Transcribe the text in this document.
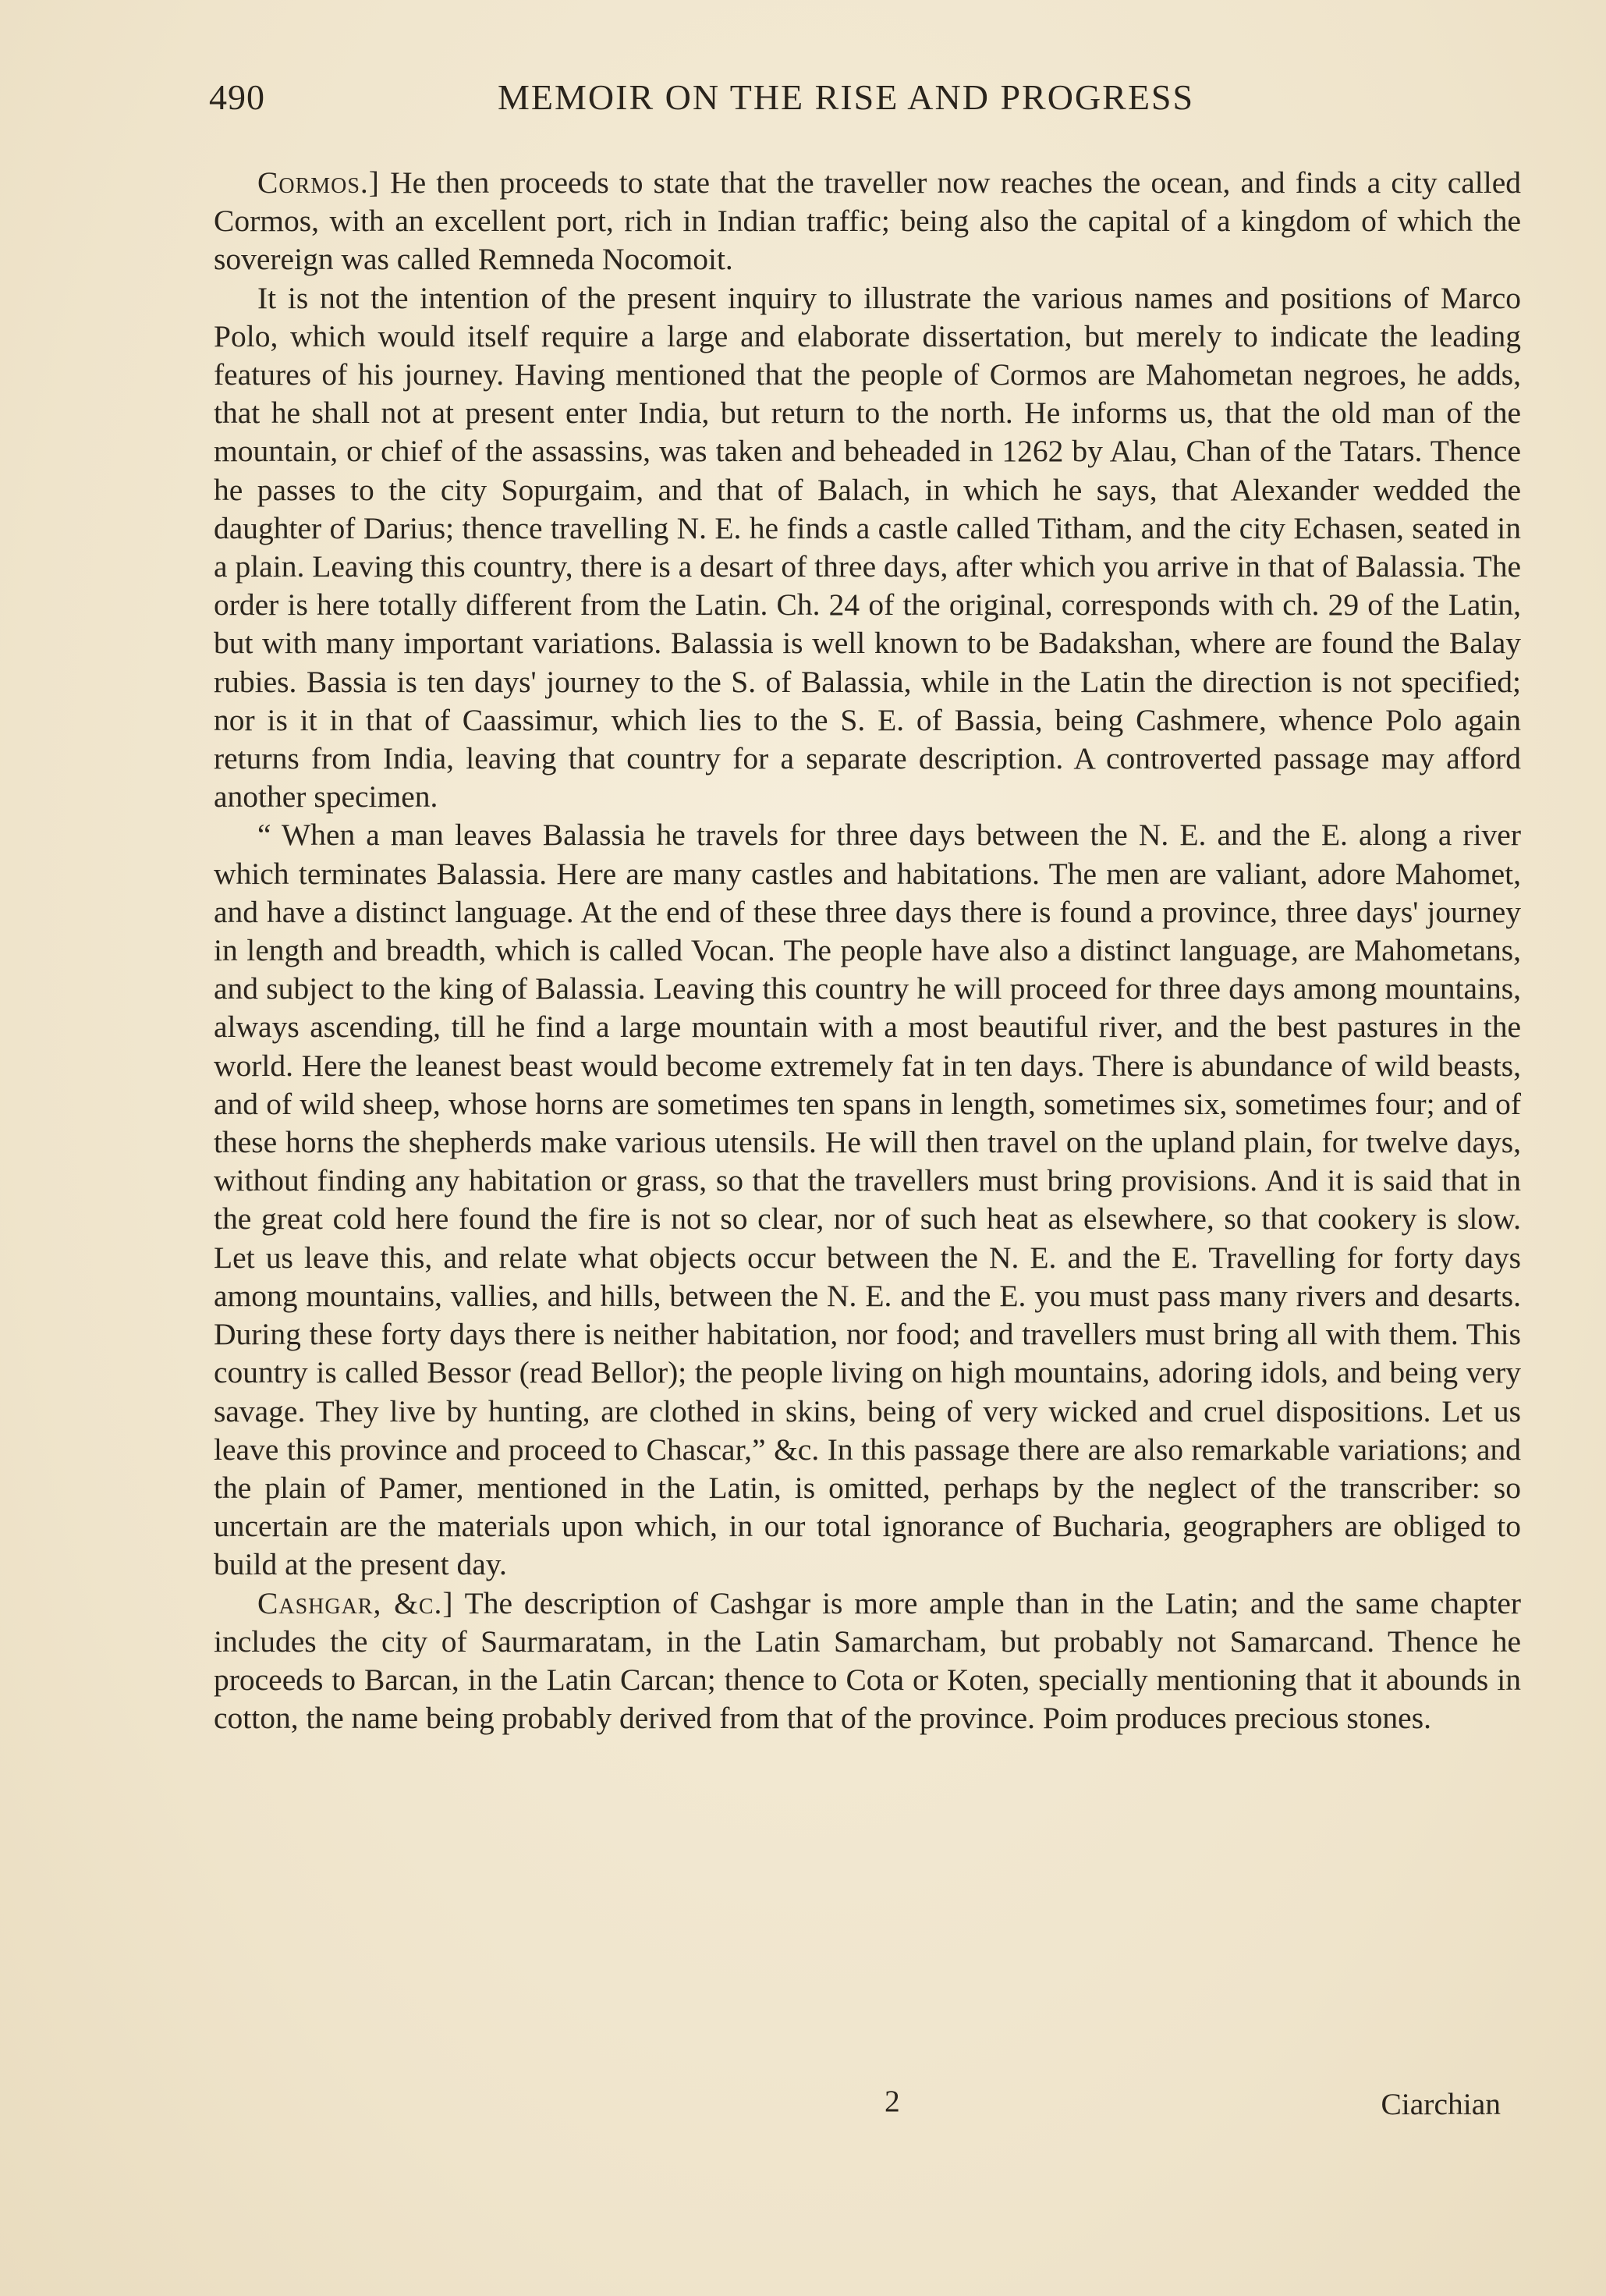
490	MEMOIR ON THE RISE AND PROGRESS

Cormos.] He then proceeds to state that the traveller now reaches the ocean, and finds a city called Cormos, with an excellent port, rich in Indian traffic; being also the capital of a kingdom of which the sovereign was called Remneda Nocomoit.

It is not the intention of the present inquiry to illustrate the various names and positions of Marco Polo, which would itself require a large and elaborate dissertation, but merely to indicate the leading features of his journey. Having mentioned that the people of Cormos are Mahometan negroes, he adds, that he shall not at present enter India, but return to the north. He informs us, that the old man of the mountain, or chief of the assassins, was taken and beheaded in 1262 by Alau, Chan of the Tatars. Thence he passes to the city Sopurgaim, and that of Balach, in which he says, that Alexander wedded the daughter of Darius; thence travelling N. E. he finds a castle called Titham, and the city Echasen, seated in a plain. Leaving this country, there is a desart of three days, after which you arrive in that of Balassia. The order is here totally different from the Latin. Ch. 24 of the original, corresponds with ch. 29 of the Latin, but with many important variations. Balassia is well known to be Badakshan, where are found the Balay rubies. Bassia is ten days' journey to the S. of Balassia, while in the Latin the direction is not specified; nor is it in that of Caassimur, which lies to the S. E. of Bassia, being Cashmere, whence Polo again returns from India, leaving that country for a separate description. A controverted passage may afford another specimen.

“ When a man leaves Balassia he travels for three days between the N. E. and the E. along a river which terminates Balassia. Here are many castles and habitations. The men are valiant, adore Mahomet, and have a distinct language. At the end of these three days there is found a province, three days' journey in length and breadth, which is called Vocan. The people have also a distinct language, are Mahometans, and subject to the king of Balassia. Leaving this country he will proceed for three days among mountains, always ascending, till he find a large mountain with a most beautiful river, and the best pastures in the world. Here the leanest beast would become extremely fat in ten days. There is abundance of wild beasts, and of wild sheep, whose horns are sometimes ten spans in length, sometimes six, sometimes four; and of these horns the shepherds make various utensils. He will then travel on the upland plain, for twelve days, without finding any habitation or grass, so that the travellers must bring provisions. And it is said that in the great cold here found the fire is not so clear, nor of such heat as elsewhere, so that cookery is slow. Let us leave this, and relate what objects occur between the N. E. and the E. Travelling for forty days among mountains, vallies, and hills, between the N. E. and the E. you must pass many rivers and desarts. During these forty days there is neither habitation, nor food; and travellers must bring all with them. This country is called Bessor (read Bellor); the people living on high mountains, adoring idols, and being very savage. They live by hunting, are clothed in skins, being of very wicked and cruel dispositions. Let us leave this province and proceed to Chascar,” &c. In this passage there are also remarkable variations; and the plain of Pamer, mentioned in the Latin, is omitted, perhaps by the neglect of the transcriber: so uncertain are the materials upon which, in our total ignorance of Bucharia, geographers are obliged to build at the present day.

Cashgar, &c.] The description of Cashgar is more ample than in the Latin; and the same chapter includes the city of Saurmaratam, in the Latin Samarcham, but probably not Samarcand. Thence he proceeds to Barcan, in the Latin Carcan; thence to Cota or Koten, specially mentioning that it abounds in cotton, the name being probably derived from that of the province. Poim produces precious stones.

2	Ciarchian
